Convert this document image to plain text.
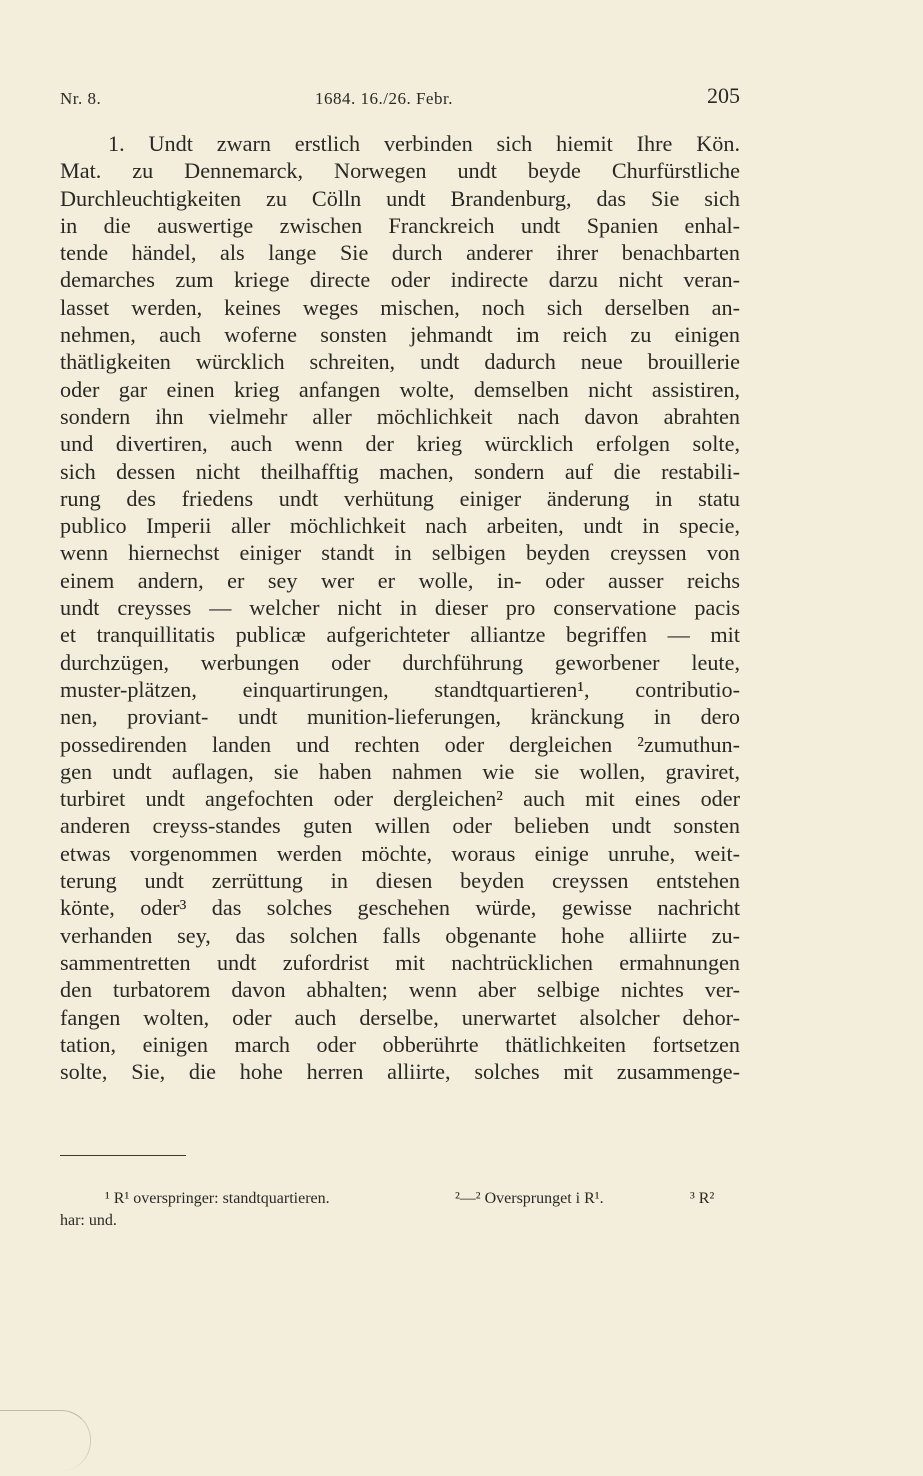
Nr. 8.	1684. 16./26. Febr.	205
1. Undt zwarn erstlich verbinden sich hiemit Ihre Kön.
Mat. zu Dennemarck, Norwegen undt beyde Churfürstliche
Durchleuchtigkeiten zu Cölln undt Brandenburg, das Sie sich
in die auswertige zwischen Franckreich undt Spanien enhal-
tende händel, als lange Sie durch anderer ihrer benachbarten
demarches zum kriege directe oder indirecte darzu nicht veran-
lasset werden, keines weges mischen, noch sich derselben an-
nehmen, auch woferne sonsten jehmandt im reich zu einigen
thätligkeiten würcklich schreiten, undt dadurch neue brouillerie
oder gar einen krieg anfangen wolte, demselben nicht assistiren,
sondern ihn vielmehr aller möchlichkeit nach davon abrahten
und divertiren, auch wenn der krieg würcklich erfolgen solte,
sich dessen nicht theilhafftig machen, sondern auf die restabili-
rung des friedens undt verhütung einiger änderung in statu
publico Imperii aller möchlichkeit nach arbeiten, undt in specie,
wenn hiernechst einiger standt in selbigen beyden creyssen von
einem andern, er sey wer er wolle, in- oder ausser reichs
undt creysses — welcher nicht in dieser pro conservatione pacis
et tranquillitatis publicæ aufgerichteter alliantze begriffen — mit
durchzügen, werbungen oder durchführung geworbener leute,
muster-plätzen, einquartirungen, standtquartieren¹, contributio-
nen, proviant- undt munition-lieferungen, kränckung in dero
possedirenden landen und rechten oder dergleichen ²zumuthun-
gen undt auflagen, sie haben nahmen wie sie wollen, graviret,
turbiret undt angefochten oder dergleichen² auch mit eines oder
anderen creyss-standes guten willen oder belieben undt sonsten
etwas vorgenommen werden möchte, woraus einige unruhe, weit-
terung undt zerrüttung in diesen beyden creyssen entstehen
könte, oder³ das solches geschehen würde, gewisse nachricht
verhanden sey, das solchen falls obgenante hohe alliirte zu-
sammentretten undt zufordrist mit nachtrücklichen ermahnungen
den turbatorem davon abhalten; wenn aber selbige nichtes ver-
fangen wolten, oder auch derselbe, unerwartet alsolcher dehor-
tation, einigen march oder obberührte thätlichkeiten fortsetzen
solte, Sie, die hohe herren alliirte, solches mit zusammenge-
¹ R¹ overspringer: standtquartieren.	²—² Oversprunget i R¹.	³ R²
har: und.
